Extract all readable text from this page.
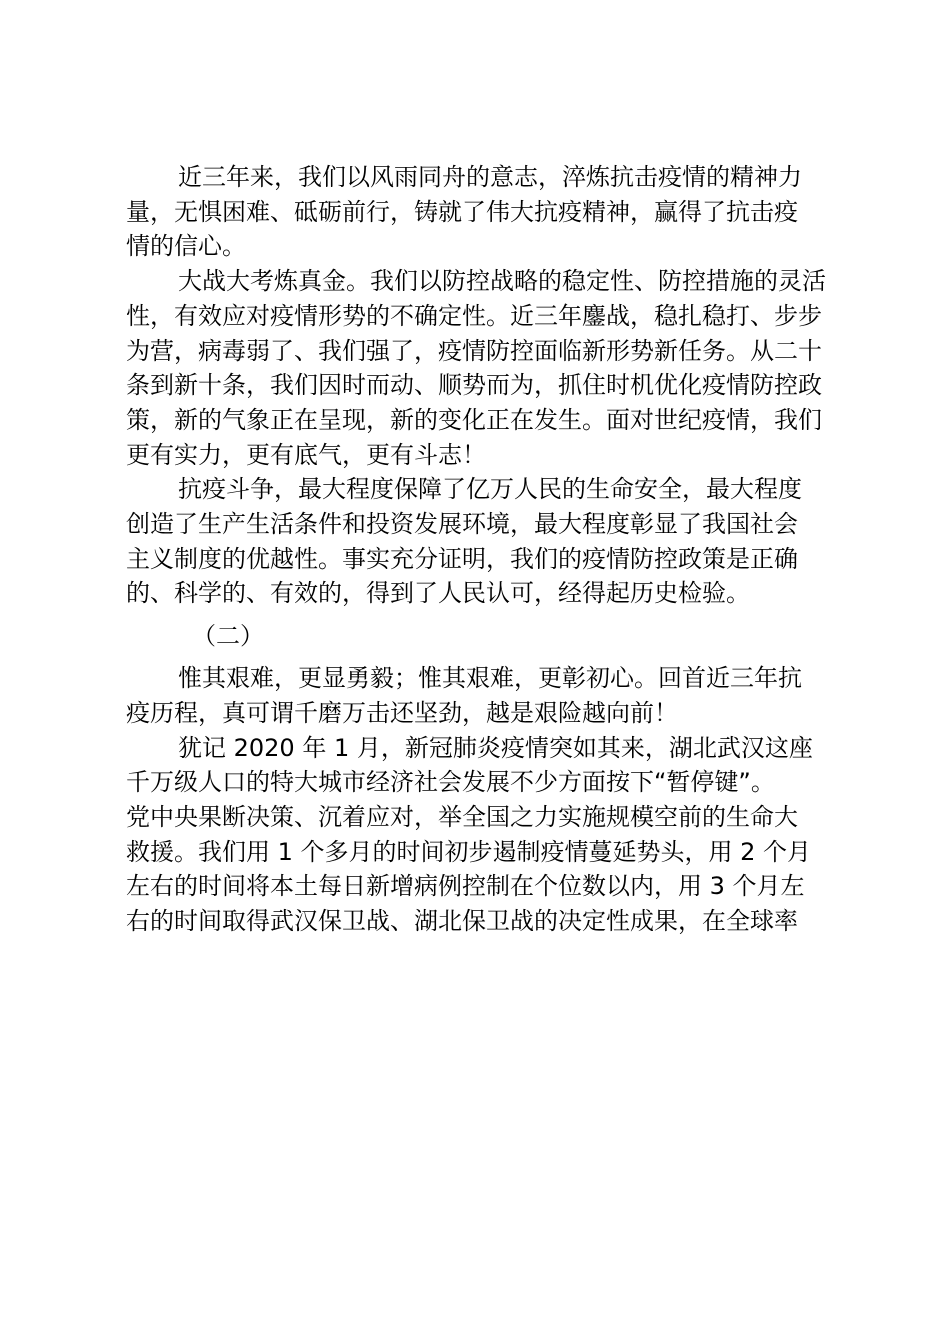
近三年来，我们以风雨同舟的意志，淬炼抗击疫情的精神力
量，无惧困难、砥砺前行，铸就了伟大抗疫精神，赢得了抗击疫
情的信心。
大战大考炼真金。我们以防控战略的稳定性、防控措施的灵活
性，有效应对疫情形势的不确定性。近三年鏖战，稳扎稳打、步步
为营，病毒弱了、我们强了，疫情防控面临新形势新任务。从二十
条到新十条，我们因时而动、顺势而为，抓住时机优化疫情防控政
策，新的气象正在呈现，新的变化正在发生。面对世纪疫情，我们
更有实力，更有底气，更有斗志！
抗疫斗争，最大程度保障了亿万人民的生命安全，最大程度
创造了生产生活条件和投资发展环境，最大程度彰显了我国社会
主义制度的优越性。事实充分证明，我们的疫情防控政策是正确
的、科学的、有效的，得到了人民认可，经得起历史检验。
（二）
惟其艰难，更显勇毅；惟其艰难，更彰初心。回首近三年抗
疫历程，真可谓千磨万击还坚劲，越是艰险越向前！
犹记 2020 年 1 月，新冠肺炎疫情突如其来，湖北武汉这座
千万级人口的特大城市经济社会发展不少方面按下“暂停键”。
党中央果断决策、沉着应对，举全国之力实施规模空前的生命大
救援。我们用 1 个多月的时间初步遏制疫情蔓延势头，用 2 个月
左右的时间将本土每日新增病例控制在个位数以内，用 3 个月左
右的时间取得武汉保卫战、湖北保卫战的决定性成果，在全球率
